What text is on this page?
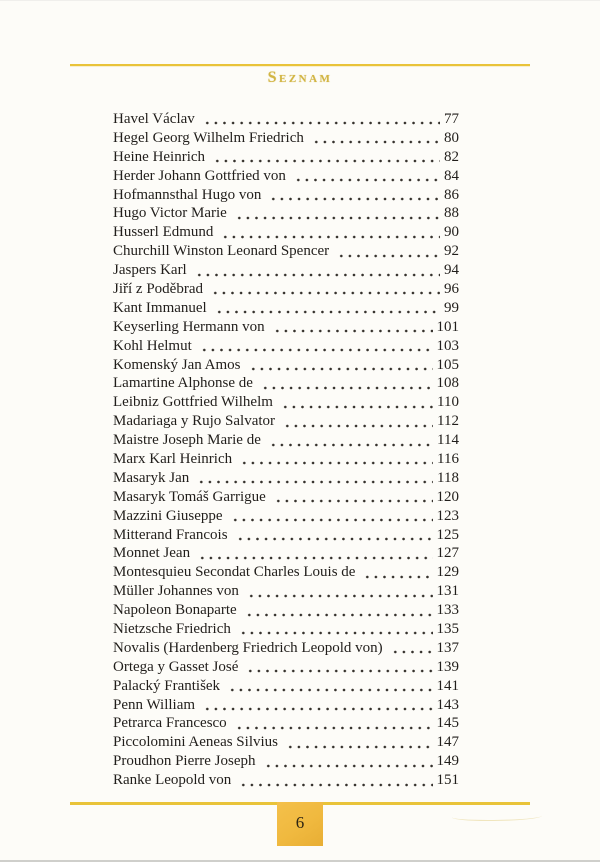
Seznam
Havel Václav	77
Hegel Georg Wilhelm Friedrich	80
Heine Heinrich	82
Herder Johann Gottfried von	84
Hofmannsthal Hugo von	86
Hugo Victor Marie	88
Husserl Edmund	90
Churchill Winston Leonard Spencer	92
Jaspers Karl	94
Jiří z Poděbrad	96
Kant Immanuel	99
Keyserling Hermann von	101
Kohl Helmut	103
Komenský Jan Amos	105
Lamartine Alphonse de	108
Leibniz Gottfried Wilhelm	110
Madariaga y Rujo Salvator	112
Maistre Joseph Marie de	114
Marx Karl Heinrich	116
Masaryk Jan	118
Masaryk Tomáš Garrigue	120
Mazzini Giuseppe	123
Mitterand Francois	125
Monnet Jean	127
Montesquieu Secondat Charles Louis de	129
Müller Johannes von	131
Napoleon Bonaparte	133
Nietzsche Friedrich	135
Novalis (Hardenberg Friedrich Leopold von)	137
Ortega y Gasset José	139
Palacký František	141
Penn William	143
Petrarca Francesco	145
Piccolomini Aeneas Silvius	147
Proudhon Pierre Joseph	149
Ranke Leopold von	151
6
